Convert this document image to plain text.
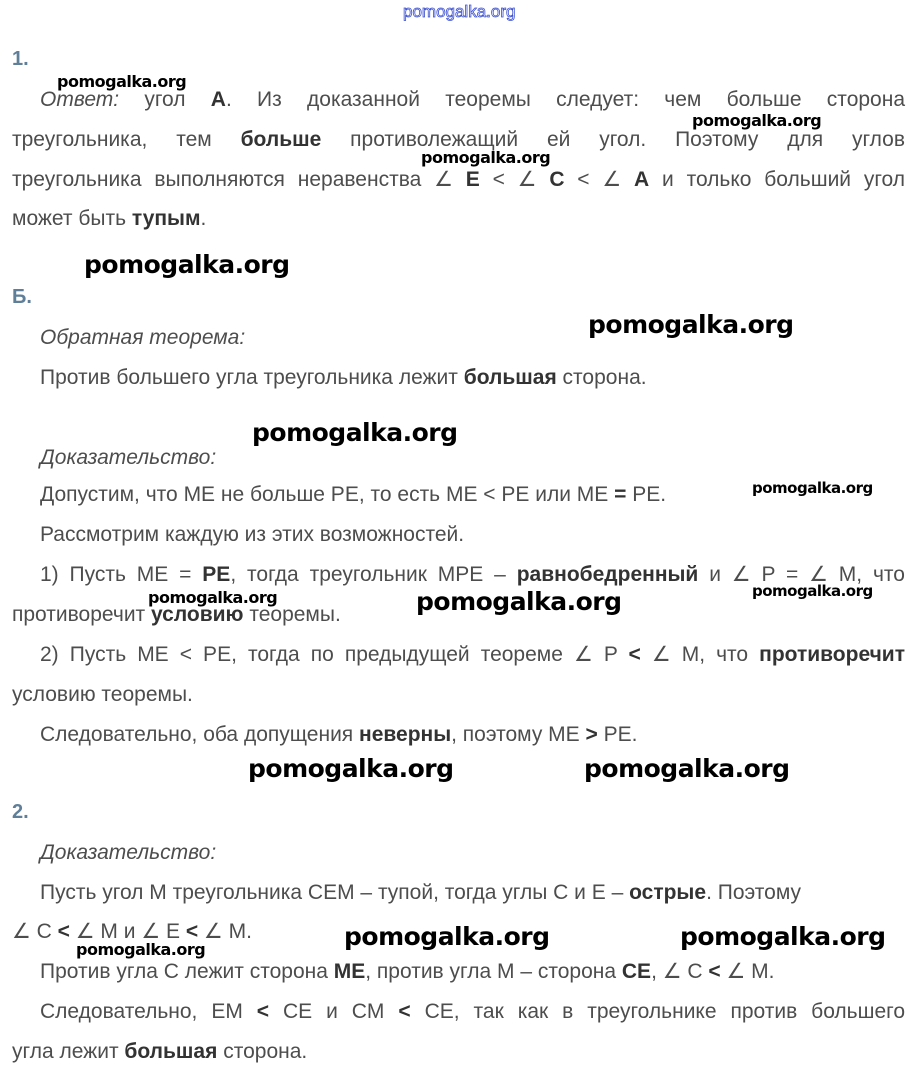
pomogalka.org
1.
Б.
2.
Ответ: угол А. Из доказанной теоремы следует: чем больше сторона
треугольника, тем больше противолежащий ей угол. Поэтому для углов
треугольника выполняются неравенства ∠ E < ∠ C < ∠ A и только больший угол
может быть тупым.
Обратная теорема:
Против большего угла треугольника лежит большая сторона.
Доказательство:
Допустим, что ME не больше PE, то есть ME < PE или ME = PE.
Рассмотрим каждую из этих возможностей.
1) Пусть ME = PE, тогда треугольник MPE – равнобедренный и ∠ P = ∠ M, что
противоречит условию теоремы.
2) Пусть ME < PE, тогда по предыдущей теореме ∠ P < ∠ M, что противоречит
условию теоремы.
Следовательно, оба допущения неверны, поэтому ME > PE.
Доказательство:
Пусть угол M треугольника CEM – тупой, тогда углы C и E – острые. Поэтому
∠ C < ∠ M и ∠ E < ∠ M.
Против угла C лежит сторона ME, против угла M – сторона CE, ∠ C < ∠ M.
Следовательно, EM < CE и CM < CE, так как в треугольнике против большего
угла лежит большая сторона.
pomogalka.org
pomogalka.org
pomogalka.org
pomogalka.org
pomogalka.org
pomogalka.org
pomogalka.org
pomogalka.org
pomogalka.org	pomogalka.org
pomogalka.org	pomogalka.org
pomogalka.org	pomogalka.org	pomogalka.org
